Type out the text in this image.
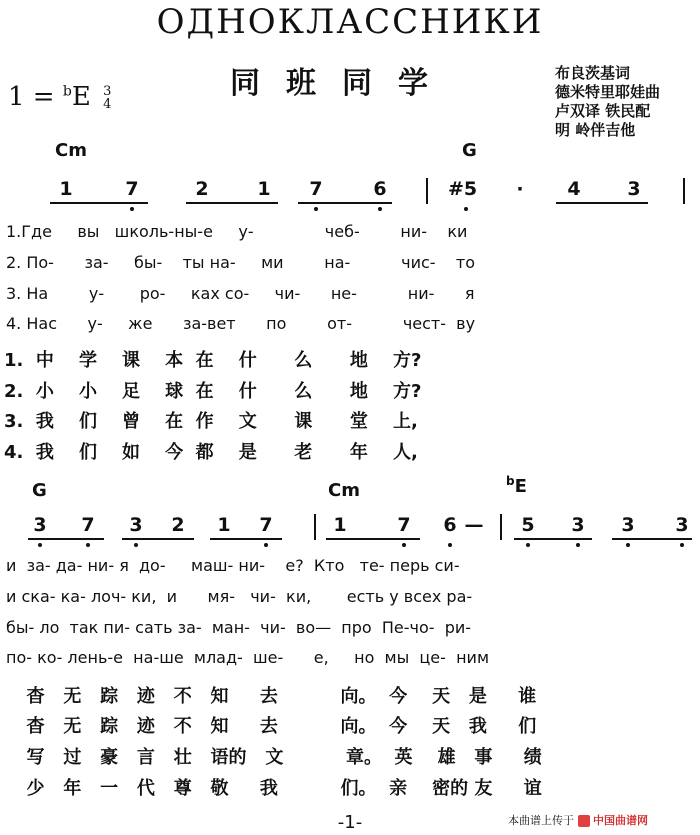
ОДНОКЛАССНИКИ
1 = $^b$E 3
4
同班同学	布良茨基词
德米特里耶娃曲
卢双译 铁民配
明 岭伴吉他
Cm	G
1	7	2	1 7	6	#5	·	4 3
1.Где     вы   школь-ны-е     у-              чеб-        ни-    ки
2. По-      за-     бы-    ты на-     ми        на-          чис-    то
3. На        у-       ро-     ках со-     чи-      не-          ни-      я
4. Нас      у-     же      за-вет      по        от-          чест-  ву
1.  中    学    课    本  在    什      么      地    方?
2.  小    小    足    球  在    什      么      地    方?
3.  我    们    曾    在  作    文      课      堂    上,
4.  我    们    如    今  都    是      老      年    人,
G	Cm	$^b$E
3 7 3 2 1 7	1	7 6 — 5 3 3 3
и  за- да- ни- я  до-     маш- ни-    е?  Кто   те- перь си-
и ска- ка- лоч- ки,  и      мя-   чи-  ки,       есть у всех ра-
бы- ло  так пи- сать за-  ман-  чи-  во—  про  Пе-чо-  ри-
по- ко- лень-е  на-ше  млад-  ше-      е,     но  мы  це-  ним
杳   无   踪   迹   不   知     去          向。  今    天   是     谁
杳   无   踪   迹   不   知     去          向。  今    天   我     们
写   过   豪   言   壮   语的   文          章。  英    雄   事     绩
少   年   一   代   尊   敬     我          们。  亲    密的 友     谊
-1-	本曲谱上传于 中国曲谱网
